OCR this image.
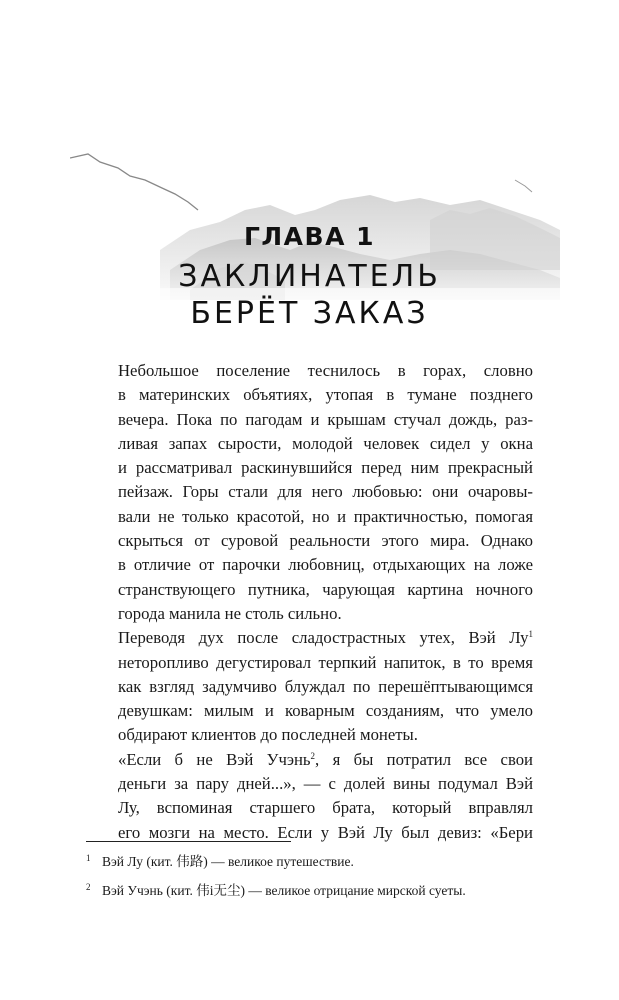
ГЛАВА 1
ЗАКЛИНАТЕЛЬ
БЕРЁТ ЗАКАЗ

Небольшое поселение теснилось в горах, словно
в материнских объятиях, утопая в тумане позднего
вечера. Пока по пагодам и крышам стучал дождь, раз-
ливая запах сырости, молодой человек сидел у окна
и рассматривал раскинувшийся перед ним прекрасный
пейзаж. Горы стали для него любовью: они очаровы-
вали не только красотой, но и практичностью, помогая
скрыться от суровой реальности этого мира. Однако
в отличие от парочки любовниц, отдыхающих на ложе
странствующего путника, чарующая картина ночного
города манила не столь сильно.

Переводя дух после сладострастных утех, Вэй $Лу^1$
неторопливо дегустировал терпкий напиток, в то время
как взгляд задумчиво блуждал по перешёптывающимся
девушкам: милым и коварным созданиям, что умело
обдирают клиентов до последней монеты.

«Если б не Вэй Учэнь$^2$, я бы потратил все свои
деньги за пару дней...», — с долей вины подумал Вэй
Лу, вспоминая старшего брата, который вправлял
его мозги на место. Если у Вэй Лу был девиз: «Бери

1 Вэй Лу (кит. 伟路) — великое путешествие.
2 Вэй Учэнь (кит. 伟i无尘) — великое отрицание мирской суеты.
